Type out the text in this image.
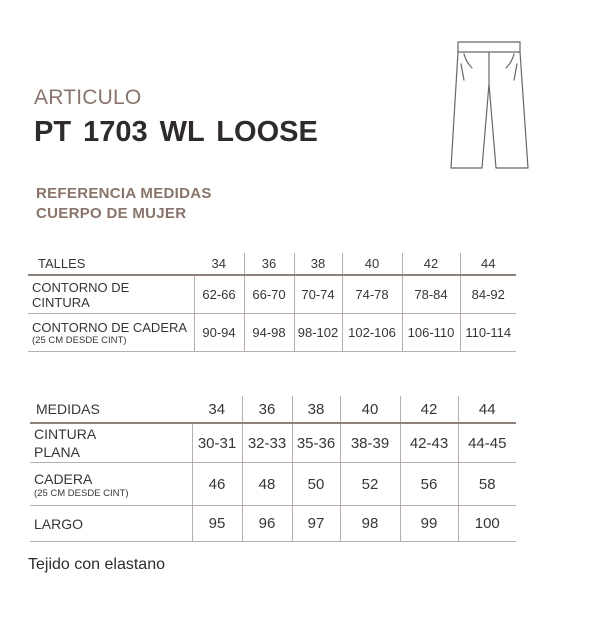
ARTICULO
PT 1703 WL LOOSE
REFERENCIA MEDIDAS
CUERPO DE MUJER
TALLES	34	36	38	40	42	44

CONTORNO DE
CINTURA	62-66	66-70	70-74	74-78	78-84	84-92

CONTORNO DE CADERA
(25 CM DESDE CINT)	90-94	94-98	98-102	102-106	106-110	110-114
MEDIDAS	34	36	38	40	42	44

CINTURA
PLANA	30-31	32-33	35-36	38-39	42-43	44-45

CADERA
(25 CM DESDE CINT)	46	48	50	52	56	58

LARGO	95	96	97	98	99	100
Tejido con elastano
